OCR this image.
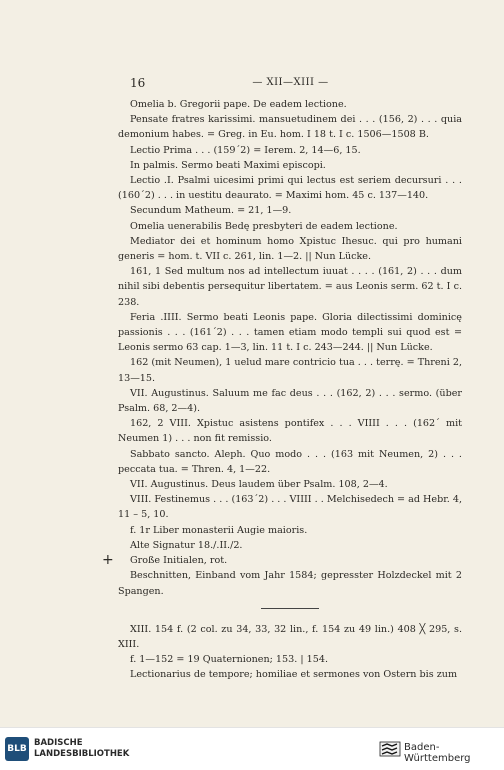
16	— XII—XIII —

Omelia b. Gregorii pape. De eadem lectione.

Pensate fratres karissimi. mansuetudinem dei . . . (156, 2) . . . quia demonium habes. = Greg. in Eu. hom. I 18 t. I c. 1506—1508 B.

Lectio Prima . . . (159´2) = Ierem. 2, 14—6, 15.

In palmis. Sermo beati Maximi episcopi.

Lectio .I. Psalmi uicesimi primi qui lectus est seriem decursuri . . . (160´2) . . . in uestitu deaurato. = Maximi hom. 45 c. 137—140.

Secundum Matheum. = 21, 1—9.

Omelia uenerabilis Bedę presbyteri de eadem lectione.

Mediator dei et hominum homo Xpistuc Ihesuc. qui pro humani generis = hom. t. VII c. 261, lin. 1—2. || Nun Lücke.

161, 1 Sed multum nos ad intellectum iuuat . . . . (161, 2) . . . dum nihil sibi debentis persequitur libertatem. = aus Leonis serm. 62 t. I c. 238.

Feria .IIII. Sermo beati Leonis pape. Gloria dilectissimi dominicę passionis . . . (161´2) . . . tamen etiam modo templi sui quod est = Leonis sermo 63 cap. 1—3, lin. 11 t. I c. 243—244. || Nun Lücke.

162 (mit Neumen), 1 uelud mare contricio tua . . . terrę. = Threni 2, 13—15.

VII. Augustinus. Saluum me fac deus . . . (162, 2) . . . sermo. (über Psalm. 68, 2—4).

162, 2 VIII. Xpistuc asistens pontifex . . . VIIII . . . (162´ mit Neumen 1) . . . non fit remissio.

Sabbato sancto. Aleph. Quo modo . . . (163 mit Neumen, 2) . . . peccata tua. = Thren. 4, 1—22.

VII. Augustinus. Deus laudem über Psalm. 108, 2—4.

VIII. Festinemus . . . (163´2) . . . VIIII . . Melchisedech = ad Hebr. 4, 11 – 5, 10.

f. 1r Liber monasterii Augie maioris.

Alte Signatur 18./.II./2.

Große Initialen, rot.

Beschnitten, Einband vom Jahr 1584; gepresster Holzdeckel mit 2 Spangen.

XIII. 154 f. (2 col. zu 34, 33, 32 lin., f. 154 zu 49 lin.) 408 ╳ 295, s. XIII.

f. 1—152 = 19 Quaternionen; 153. | 154.

Lectionarius de tempore; homiliae et sermones von Ostern bis zum

+
BLB
BADISCHE
LANDESBIBLIOTHEK
Baden-Württemberg
